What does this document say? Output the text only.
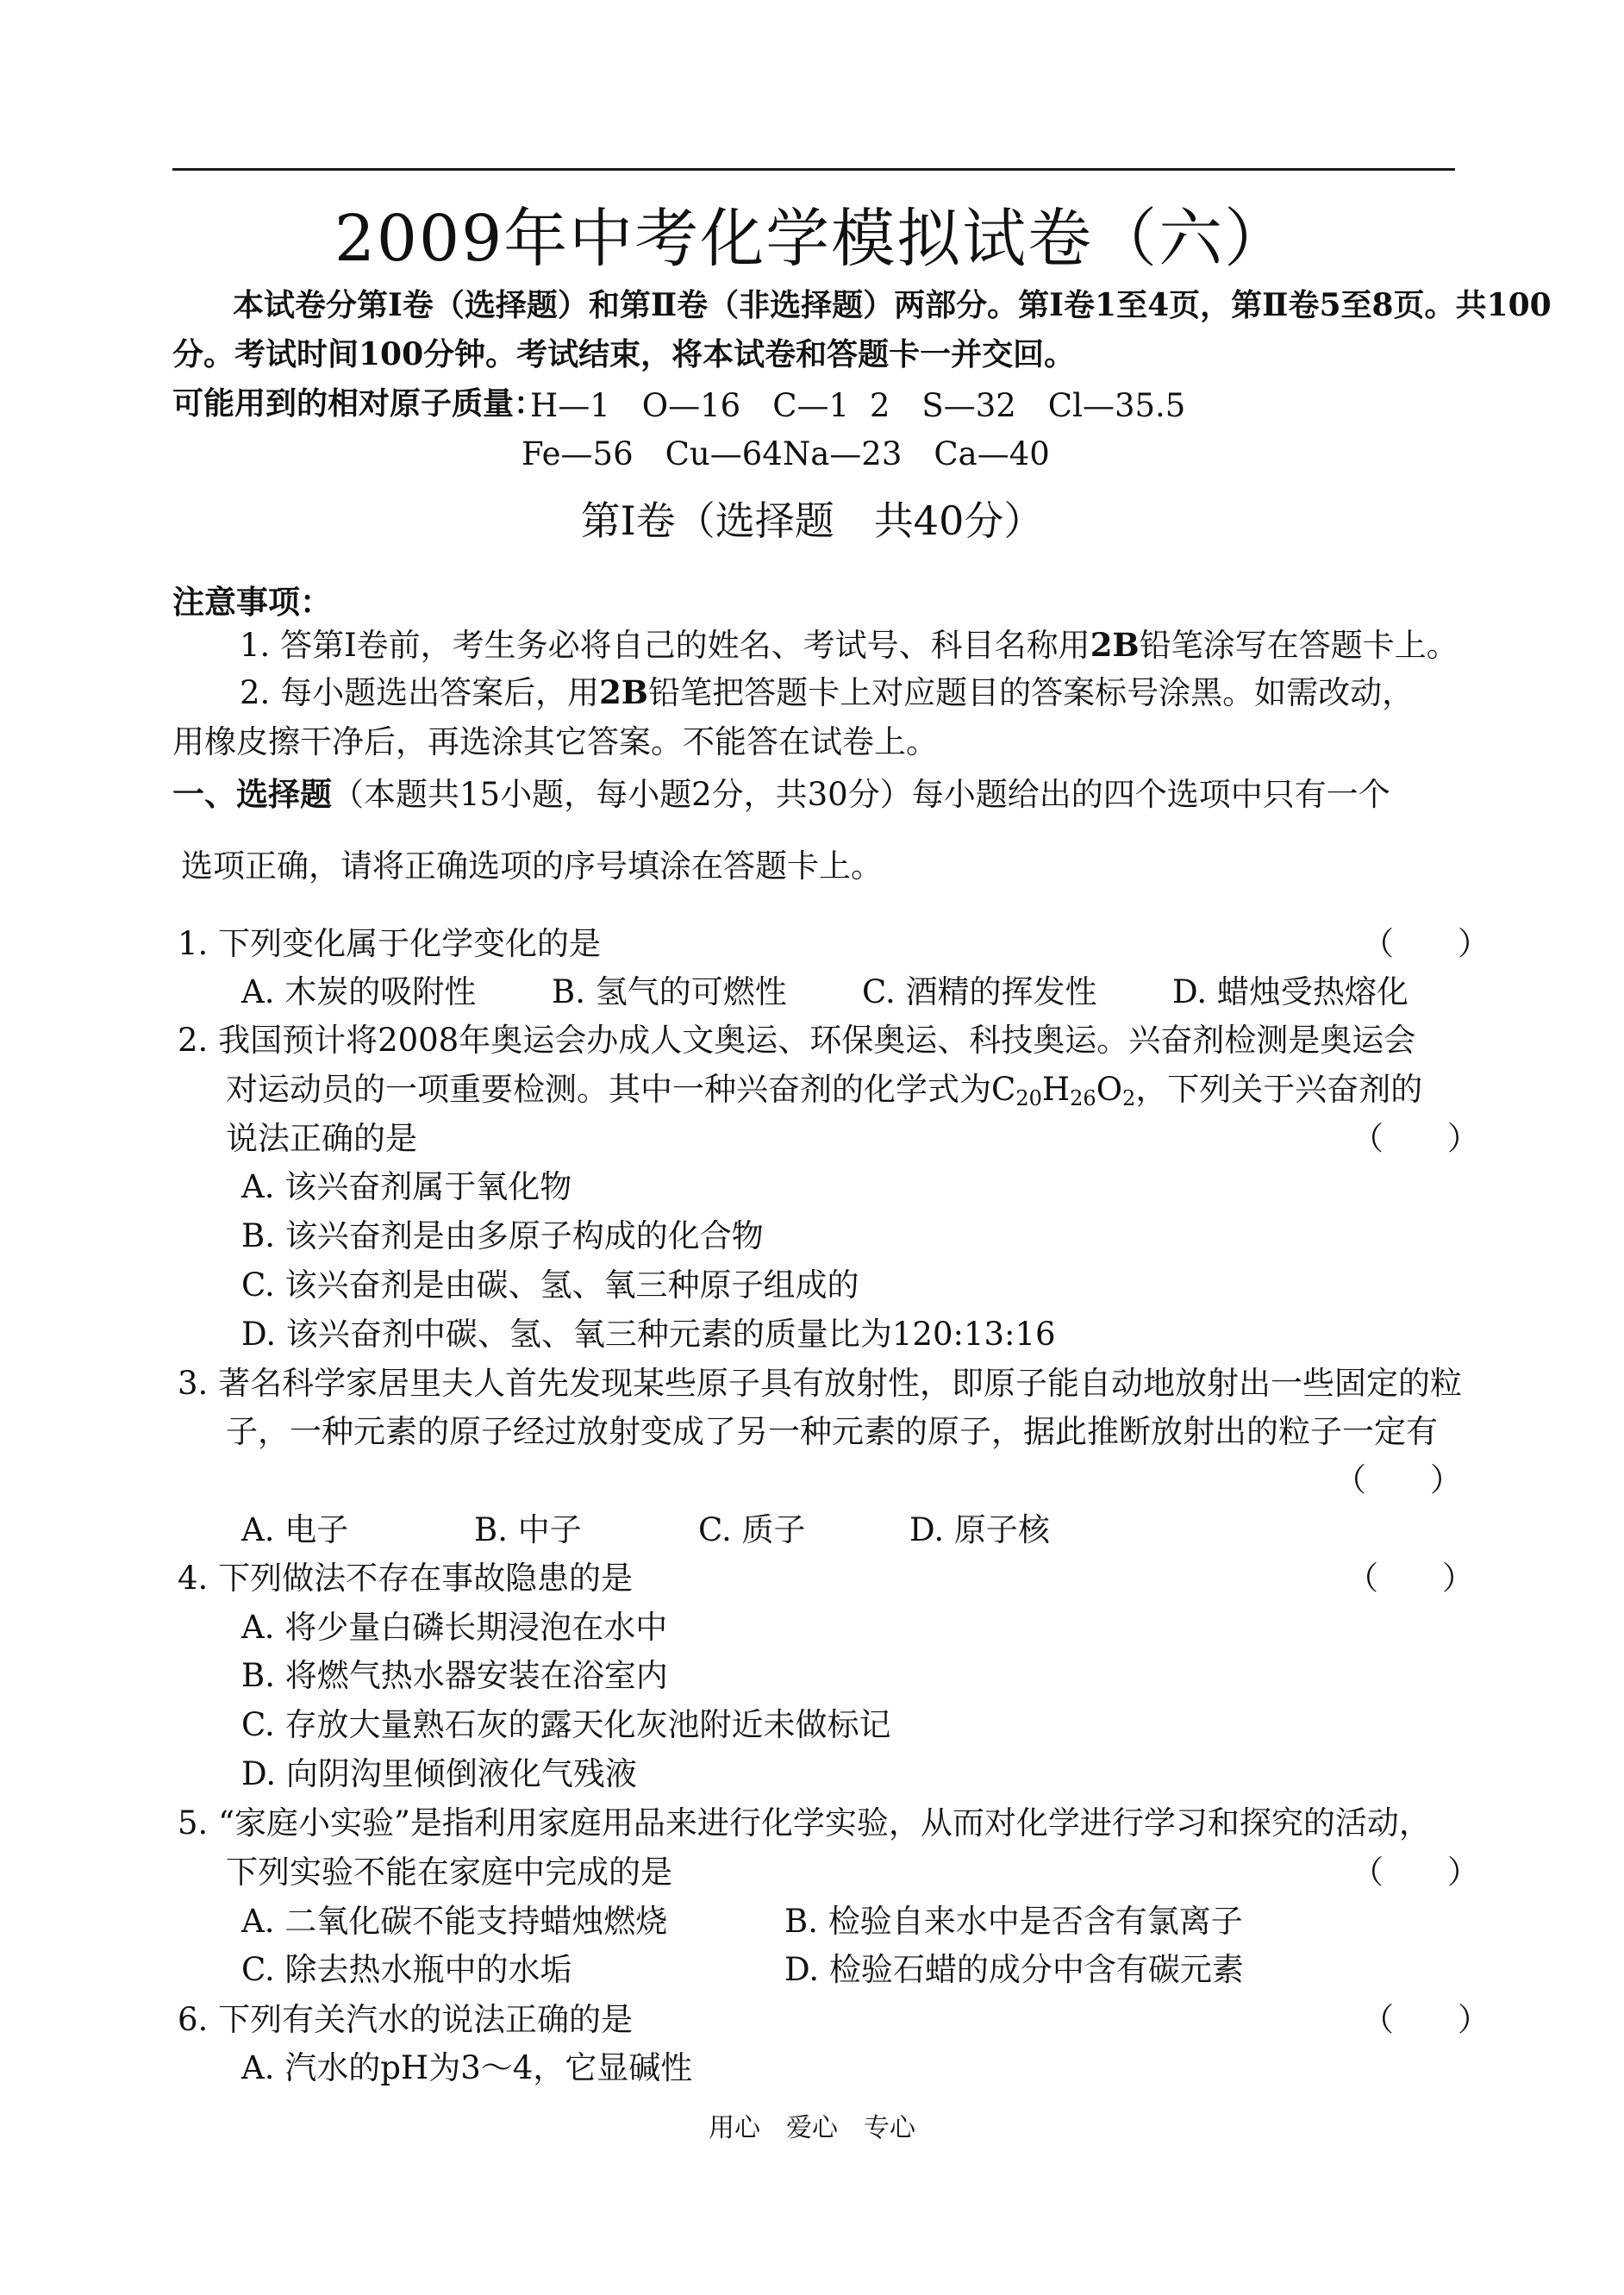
2009年中考化学模拟试卷（六）
本试卷分第Ⅰ卷（选择题）和第Ⅱ卷（非选择题）两部分。第Ⅰ卷1至4页，第Ⅱ卷5至8页。共100
分。考试时间100分钟。考试结束，将本试卷和答题卡一并交回。
可能用到的相对原子质量：
H—1　O—16　C—1 2　S—32　Cl—35.5
Fe—56　Cu—64Na—23　Ca—40
第Ⅰ卷（选择题　共40分）
注意事项：
1. 答第Ⅰ卷前，考生务必将自己的姓名、考试号、科目名称用2B铅笔涂写在答题卡上。
2. 每小题选出答案后，用2B铅笔把答题卡上对应题目的答案标号涂黑。如需改动，
用橡皮擦干净后，再选涂其它答案。不能答在试卷上。
一、选择题（本题共15小题，每小题2分，共30分）每小题给出的四个选项中只有一个
选项正确，请将正确选项的序号填涂在答题卡上。
1. 下列变化属于化学变化的是	（　　）
A. 木炭的吸附性 B. 氢气的可燃性 C. 酒精的挥发性 D. 蜡烛受热熔化
2. 我国预计将2008年奥运会办成人文奥运、环保奥运、科技奥运。兴奋剂检测是奥运会
对运动员的一项重要检测。其中一种兴奋剂的化学式为$C_{20}H_{26}O_2$，下列关于兴奋剂的
说法正确的是	（　　）
A. 该兴奋剂属于氧化物
B. 该兴奋剂是由多原子构成的化合物
C. 该兴奋剂是由碳、氢、氧三种原子组成的
D. 该兴奋剂中碳、氢、氧三种元素的质量比为120:13:16
3. 著名科学家居里夫人首先发现某些原子具有放射性，即原子能自动地放射出一些固定的粒
子，一种元素的原子经过放射变成了另一种元素的原子，据此推断放射出的粒子一定有
（　　）
A. 电子	B. 中子	C. 质子	D. 原子核
4. 下列做法不存在事故隐患的是	（　　）
A. 将少量白磷长期浸泡在水中
B. 将燃气热水器安装在浴室内
C. 存放大量熟石灰的露天化灰池附近未做标记
D. 向阴沟里倾倒液化气残液
5. “家庭小实验”是指利用家庭用品来进行化学实验，从而对化学进行学习和探究的活动，
下列实验不能在家庭中完成的是	（　　）
A. 二氧化碳不能支持蜡烛燃烧	B. 检验自来水中是否含有氯离子
C. 除去热水瓶中的水垢	D. 检验石蜡的成分中含有碳元素
6. 下列有关汽水的说法正确的是	（　　）
A. 汽水的pH为3～4，它显碱性
用心　爱心　专心
